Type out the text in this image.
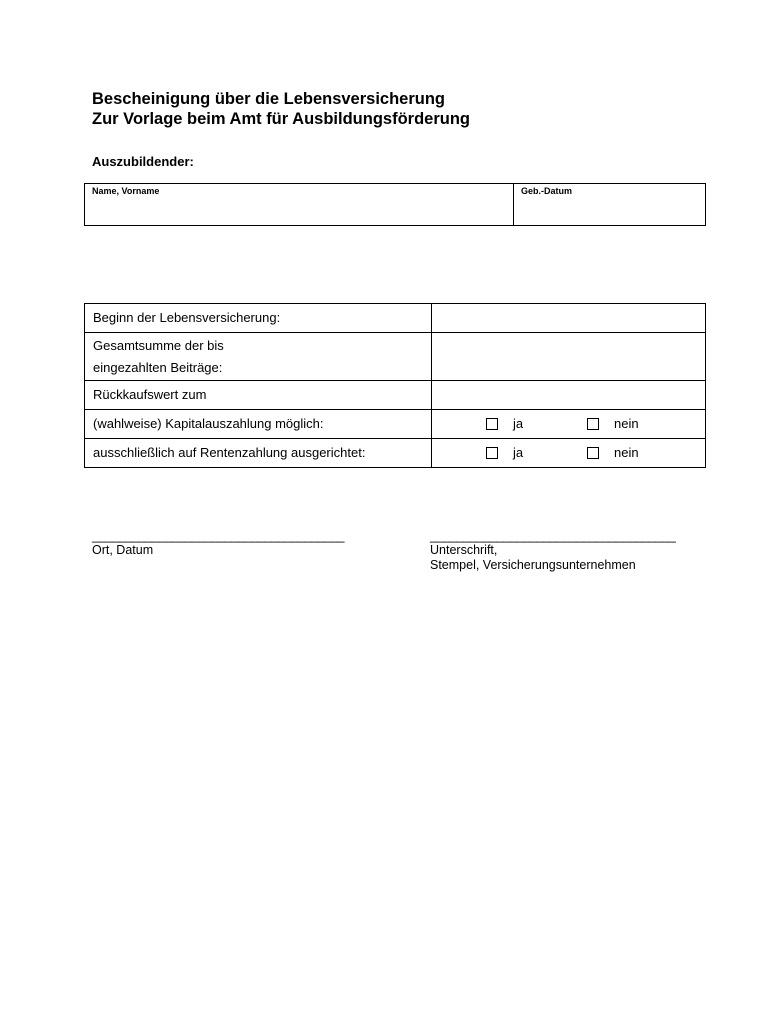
Bescheinigung über die Lebensversicherung
Zur Vorlage beim Amt für Ausbildungsförderung
Auszubildender:
Name, Vorname	Geb.-Datum
Beginn der Lebensversicherung:	

Gesamtsumme der bis
eingezahlten Beiträge:	

Rückkaufswert zum	
(wahlweise) Kapitalauszahlung möglich:	ja nein

ausschließlich auf Rentenzahlung ausgerichtet:	ja nein
______________________________________
Ort, Datum
_____________________________________
Unterschrift,
Stempel, Versicherungsunternehmen
